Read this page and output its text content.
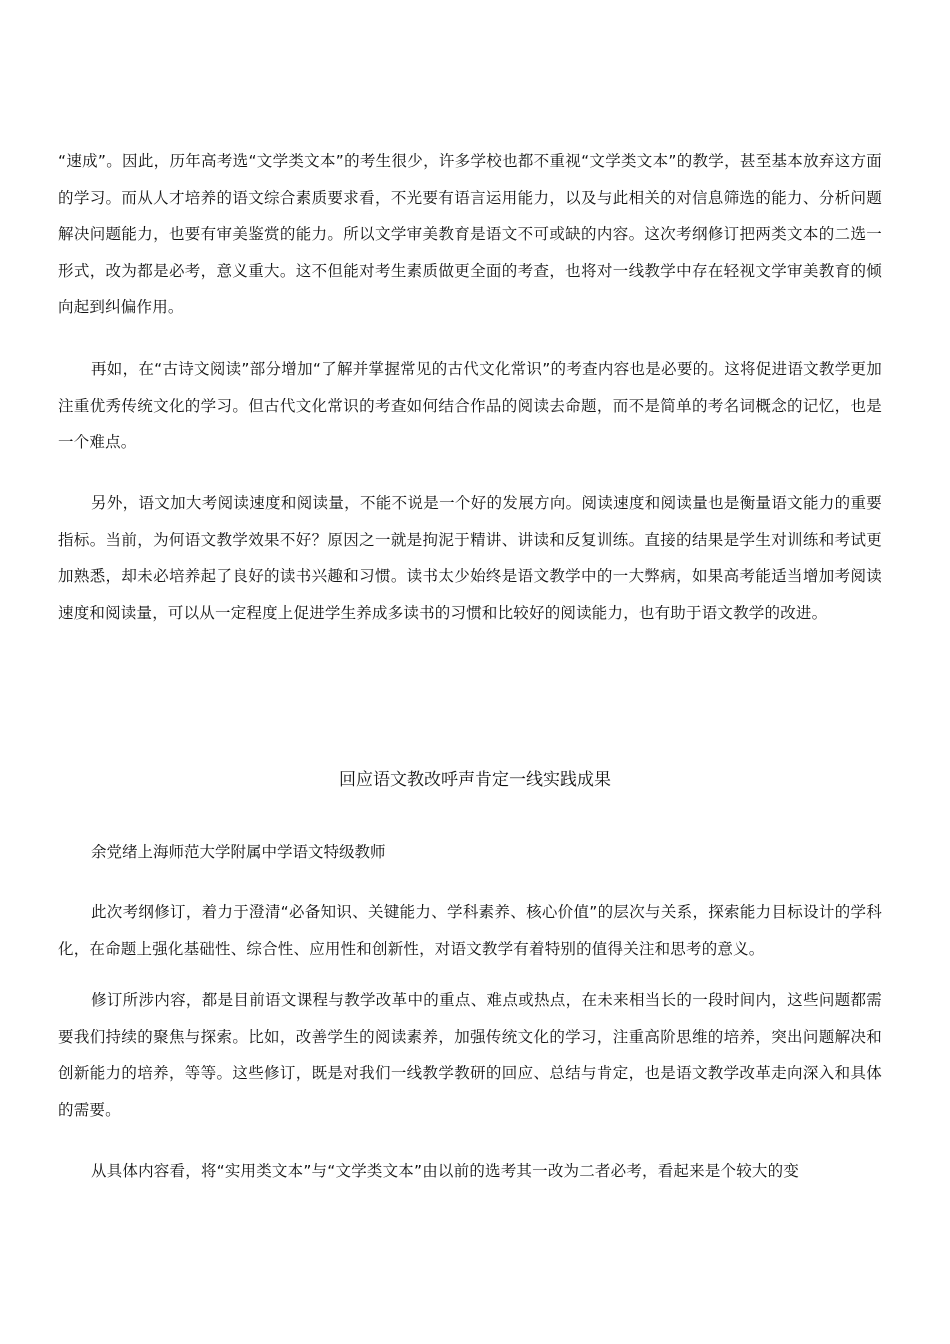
“速成”。因此，历年高考选“文学类文本”的考生很少，许多学校也都不重视“文学类文本”的教学，甚至基本放弃这方面的学习。而从人才培养的语文综合素质要求看，不光要有语言运用能力，以及与此相关的对信息筛选的能力、分析问题解决问题能力，也要有审美鉴赏的能力。所以文学审美教育是语文不可或缺的内容。这次考纲修订把两类文本的二选一形式，改为都是必考，意义重大。这不但能对考生素质做更全面的考查，也将对一线教学中存在轻视文学审美教育的倾向起到纠偏作用。

再如，在“古诗文阅读”部分增加“了解并掌握常见的古代文化常识”的考查内容也是必要的。这将促进语文教学更加注重优秀传统文化的学习。但古代文化常识的考查如何结合作品的阅读去命题，而不是简单的考名词概念的记忆，也是一个难点。

另外，语文加大考阅读速度和阅读量，不能不说是一个好的发展方向。阅读速度和阅读量也是衡量语文能力的重要指标。当前，为何语文教学效果不好？原因之一就是拘泥于精讲、讲读和反复训练。直接的结果是学生对训练和考试更加熟悉，却未必培养起了良好的读书兴趣和习惯。读书太少始终是语文教学中的一大弊病，如果高考能适当增加考阅读速度和阅读量，可以从一定程度上促进学生养成多读书的习惯和比较好的阅读能力，也有助于语文教学的改进。

回应语文教改呼声肯定一线实践成果

余党绪上海师范大学附属中学语文特级教师

此次考纲修订，着力于澄清“必备知识、关键能力、学科素养、核心价值”的层次与关系，探索能力目标设计的学科化，在命题上强化基础性、综合性、应用性和创新性，对语文教学有着特别的值得关注和思考的意义。

修订所涉内容，都是目前语文课程与教学改革中的重点、难点或热点，在未来相当长的一段时间内，这些问题都需要我们持续的聚焦与探索。比如，改善学生的阅读素养，加强传统文化的学习，注重高阶思维的培养，突出问题解决和创新能力的培养，等等。这些修订，既是对我们一线教学教研的回应、总结与肯定，也是语文教学改革走向深入和具体的需要。

从具体内容看，将“实用类文本”与“文学类文本”由以前的选考其一改为二者必考，看起来是个较大的变
